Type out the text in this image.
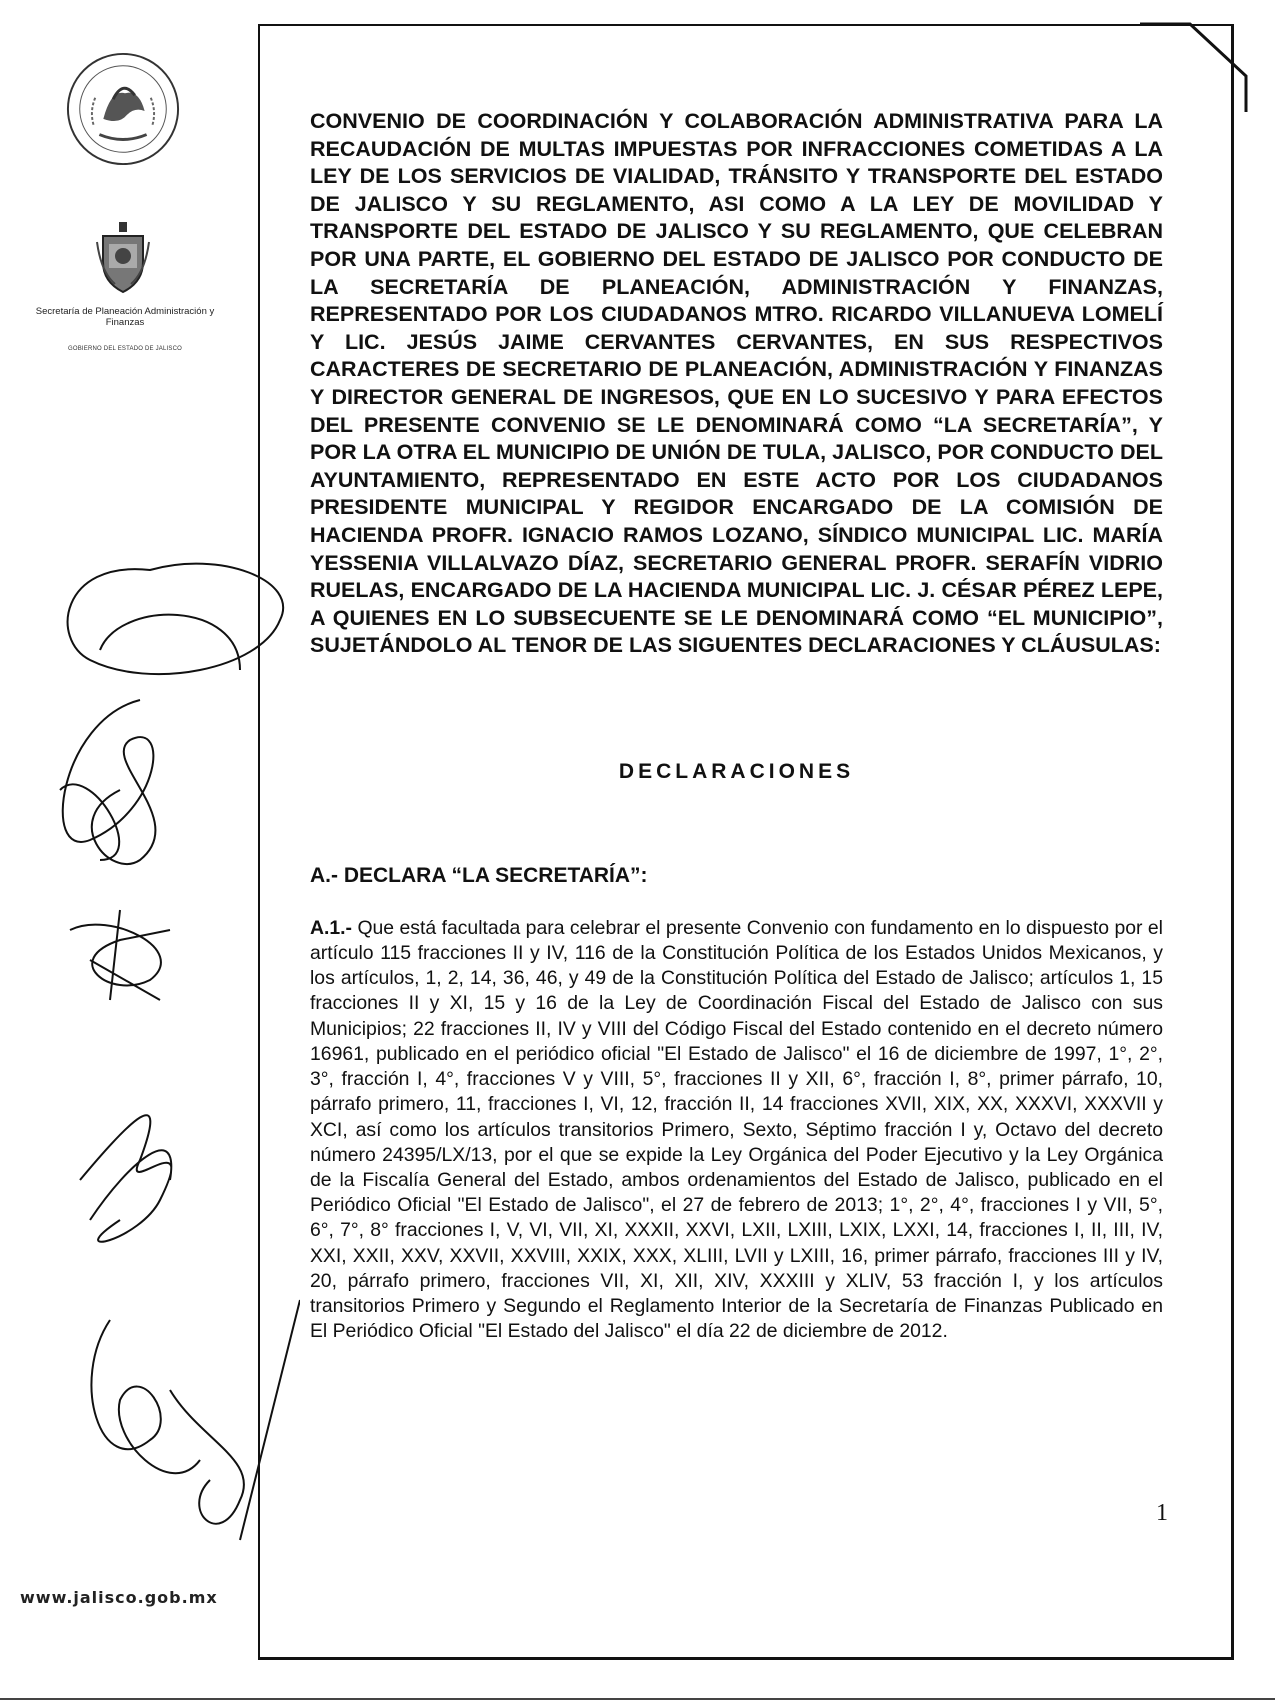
Secretaría de Planeación Administración y Finanzas
GOBIERNO DEL ESTADO DE JALISCO
www.jalisco.gob.mx

CONVENIO DE COORDINACIÓN Y COLABORACIÓN ADMINISTRATIVA PARA LA RECAUDACIÓN DE MULTAS IMPUESTAS POR INFRACCIONES COMETIDAS A LA LEY DE LOS SERVICIOS DE VIALIDAD, TRÁNSITO Y TRANSPORTE DEL ESTADO DE JALISCO Y SU REGLAMENTO, ASI COMO A LA LEY DE MOVILIDAD Y TRANSPORTE DEL ESTADO DE JALISCO Y SU REGLAMENTO, QUE CELEBRAN POR UNA PARTE, EL GOBIERNO DEL ESTADO DE JALISCO POR CONDUCTO DE LA SECRETARÍA DE PLANEACIÓN, ADMINISTRACIÓN Y FINANZAS, REPRESENTADO POR LOS CIUDADANOS MTRO. RICARDO VILLANUEVA LOMELÍ Y LIC. JESÚS JAIME CERVANTES CERVANTES, EN SUS RESPECTIVOS CARACTERES DE SECRETARIO DE PLANEACIÓN, ADMINISTRACIÓN Y FINANZAS Y DIRECTOR GENERAL DE INGRESOS, QUE EN LO SUCESIVO Y PARA EFECTOS DEL PRESENTE CONVENIO SE LE DENOMINARÁ COMO “LA SECRETARÍA”, Y POR LA OTRA EL MUNICIPIO DE UNIÓN DE TULA, JALISCO, POR CONDUCTO DEL AYUNTAMIENTO, REPRESENTADO EN ESTE ACTO POR LOS CIUDADANOS PRESIDENTE MUNICIPAL Y REGIDOR ENCARGADO DE LA COMISIÓN DE HACIENDA PROFR. IGNACIO RAMOS LOZANO, SÍNDICO MUNICIPAL LIC. MARÍA YESSENIA VILLALVAZO DÍAZ, SECRETARIO GENERAL PROFR. SERAFÍN VIDRIO RUELAS, ENCARGADO DE LA HACIENDA MUNICIPAL LIC. J. CÉSAR PÉREZ LEPE, A QUIENES EN LO SUBSECUENTE SE LE DENOMINARÁ COMO “EL MUNICIPIO”, SUJETÁNDOLO AL TENOR DE LAS SIGUENTES DECLARACIONES Y CLÁUSULAS:

DECLARACIONES
A.- DECLARA “LA SECRETARÍA”:

A.1.- Que está facultada para celebrar el presente Convenio con fundamento en lo dispuesto por el artículo 115 fracciones II y IV, 116 de la Constitución Política de los Estados Unidos Mexicanos, y los artículos, 1, 2, 14, 36, 46, y 49 de la Constitución Política del Estado de Jalisco; artículos 1, 15 fracciones II y XI, 15 y 16 de la Ley de Coordinación Fiscal del Estado de Jalisco con sus Municipios; 22 fracciones II, IV y VIII del Código Fiscal del Estado contenido en el decreto número 16961, publicado en el periódico oficial "El Estado de Jalisco" el 16 de diciembre de 1997, 1°, 2°, 3°, fracción I, 4°, fracciones V y VIII, 5°, fracciones II y XII, 6°, fracción I, 8°, primer párrafo, 10, párrafo primero, 11, fracciones I, VI, 12, fracción II, 14 fracciones XVII, XIX, XX, XXXVI, XXXVII y XCI, así como los artículos transitorios Primero, Sexto, Séptimo fracción I y, Octavo del decreto número 24395/LX/13, por el que se expide la Ley Orgánica del Poder Ejecutivo y la Ley Orgánica de la Fiscalía General del Estado, ambos ordenamientos del Estado de Jalisco, publicado en el Periódico Oficial "El Estado de Jalisco", el 27 de febrero de 2013; 1°, 2°, 4°, fracciones I y VII, 5°, 6°, 7°, 8° fracciones I, V, VI, VII, XI, XXXII, XXVI, LXII, LXIII, LXIX, LXXI, 14, fracciones I, II, III, IV, XXI, XXII, XXV, XXVII, XXVIII, XXIX, XXX, XLIII, LVII y LXIII, 16, primer párrafo, fracciones III y IV, 20, párrafo primero, fracciones VII, XI, XII, XIV, XXXIII y XLIV, 53 fracción I, y los artículos transitorios Primero y Segundo el Reglamento Interior de la Secretaría de Finanzas Publicado en El Periódico Oficial "El Estado del Jalisco" el día 22 de diciembre de 2012.

1
